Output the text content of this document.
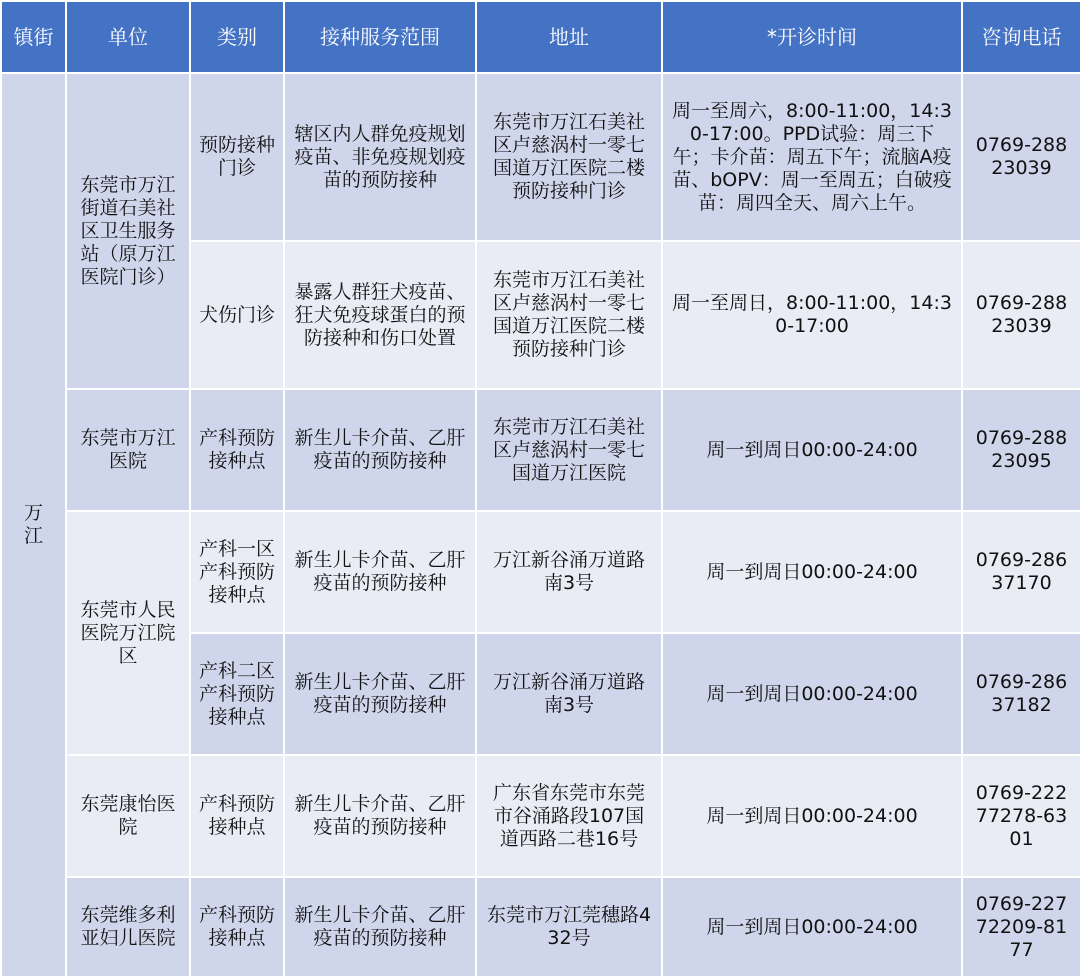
镇街	单位	类别	接种服务范围	地址	*开诊时间	咨询电话
万江	东莞市万江街道石美社区卫生服务站（原万江医院门诊）	预防接种门诊	辖区内人群免疫规划疫苗、非免疫规划疫苗的预防接种	东莞市万江石美社区卢慈涡村一零七国道万江医院二楼预防接种门诊	周一至周六，8:00-11:00，14:30-17:00。PPD试验：周三下午；卡介苗：周五下午；流脑A疫苗、bOPV：周一至周五；白破疫苗：周四全天、周六上午。	0769-28823039
		犬伤门诊	暴露人群狂犬疫苗、狂犬免疫球蛋白的预防接种和伤口处置	东莞市万江石美社区卢慈涡村一零七国道万江医院二楼预防接种门诊	周一至周日，8:00-11:00，14:30-17:00	0769-28823039
	东莞市万江医院	产科预防接种点	新生儿卡介苗、乙肝疫苗的预防接种	东莞市万江石美社区卢慈涡村一零七国道万江医院	周一到周日00:00-24:00	0769-28823095
	东莞市人民医院万江院区	产科一区产科预防接种点	新生儿卡介苗、乙肝疫苗的预防接种	万江新谷涌万道路南3号	周一到周日00:00-24:00	0769-28637170
		产科二区产科预防接种点	新生儿卡介苗、乙肝疫苗的预防接种	万江新谷涌万道路南3号	周一到周日00:00-24:00	0769-28637182
	东莞康怡医院	产科预防接种点	新生儿卡介苗、乙肝疫苗的预防接种	广东省东莞市东莞市谷涌路段107国道西路二巷16号	周一到周日00:00-24:00	0769-22277278-6301
	东莞维多利亚妇儿医院	产科预防接种点	新生儿卡介苗、乙肝疫苗的预防接种	东莞市万江莞穗路432号	周一到周日00:00-24:00	0769-22772209-8177
